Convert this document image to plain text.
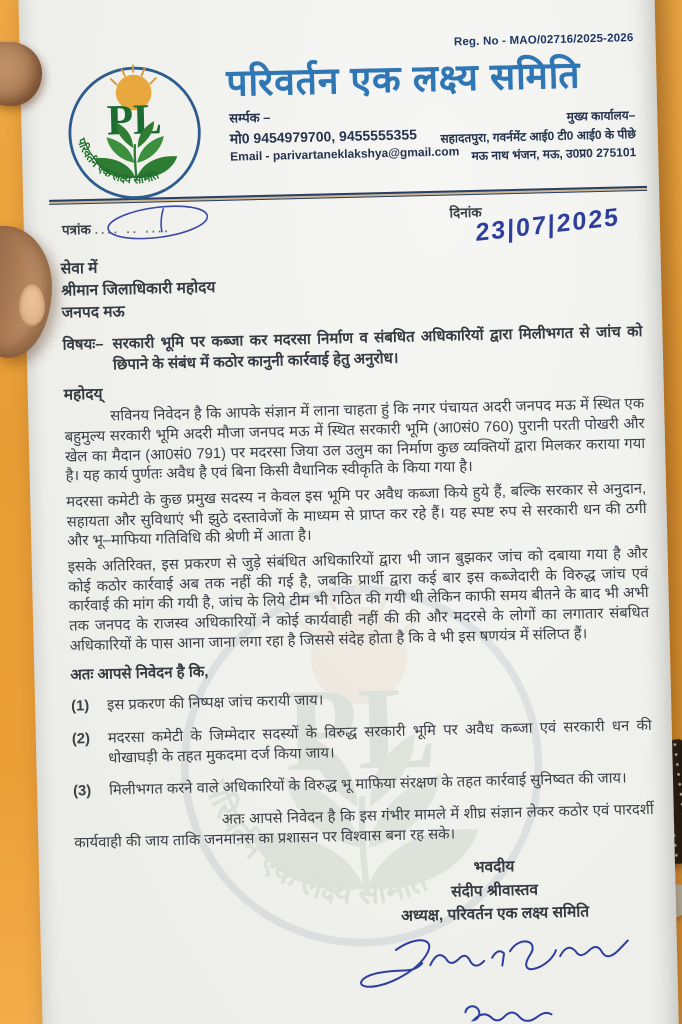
Reg. No - MAO/02716/2025-2026
परिवर्तन एक लक्ष्य समिति
सर्म्पक –
मो0 9454979700, 9455555355
Email - parivartaneklakshya@gmail.com
मुख्य कार्यालय–
सहादतपुरा, गवर्नमेंट आई0 टी0 आई0 के पीछे
मऊ नाथ भंजन, मऊ, उ0प्र0 275101
पत्रांक .... .. ....
दिनांक
23|07|2025
सेवा में
श्रीमान जिलाधिकारी महोदय
जनपद मऊ
विषयः– सरकारी भूमि पर कब्जा कर मदरसा निर्माण व संबधित अधिकारियों द्वारा मिलीभगत से जांच को छिपाने के संबंध में कठोर कानुनी कार्रवाई हेतु अनुरोध।
महोदय्

सविनय निवेदन है कि आपके संज्ञान में लाना चाहता हुं कि नगर पंचायत अदरी जनपद मऊ में स्थित एक बहुमुल्य सरकारी भूमि अदरी मौजा जनपद मऊ में स्थित सरकारी भूमि (आ0सं0 760) पुरानी परती पोखरी और खेल का मैदान (आ0सं0 791) पर मदरसा जिया उल उलुम का निर्माण कुछ व्यक्तियों द्वारा मिलकर कराया गया है। यह कार्य पुर्णतः अवैध है एवं बिना किसी वैधानिक स्वीकृति के किया गया है।

मदरसा कमेटी के कुछ प्रमुख सदस्य न केवल इस भूमि पर अवैध कब्जा किये हुये हैं, बल्कि सरकार से अनुदान, सहायता और सुविधाएं भी झुठे दस्तावेजों के माध्यम से प्राप्त कर रहे हैं। यह स्पष्ट रुप से सरकारी धन की ठगी और भू–माफिया गतिविधि की श्रेणी में आता है।

इसके अतिरिक्त, इस प्रकरण से जुड़े संबंधित अधिकारियों द्वारा भी जान बुझकर जांच को दबाया गया है और कोई कठोर कार्रवाई अब तक नहीं की गई है, जबकि प्रार्थी द्वारा कई बार इस कब्जेदारी के विरुद्ध जांच एवं कार्रवाई की मांग की गयी है, जांच के लिये टीम भी गठित की गयी थी लेकिन काफी समय बीतने के बाद भी अभी तक जनपद के राजस्व अधिकारियों ने कोई कार्यवाही नहीं की की और मदरसे के लोगों का लगातार संबधित अधिकारियों के पास आना जाना लगा रहा है जिससे संदेह होता है कि वे भी इस षणयंत्र में संलिप्त हैं।

अतः आपसे निवेदन है कि,
(1)	इस प्रकरण की निष्पक्ष जांच करायी जाय।
(2)	मदरसा कमेटी के जिम्मेदार सदस्यों के विरुद्ध सरकारी भूमि पर अवैध कब्जा एवं सरकारी धन की धोखाघड़ी के तहत मुकदमा दर्ज किया जाय।
(3)	मिलीभगत करने वाले अधिकारियों के विरुद्ध भू माफिया संरक्षण के तहत कार्रवाई सुनिष्वत की जाय।

अतः आपसे निवेदन है कि इस गंभीर मामले में शीघ्र संज्ञान लेकर कठोर एवं पारदर्शी कार्यवाही की जाय ताकि जनमानस का प्रशासन पर विश्वास बना रह सके।

भवदीय
संदीप श्रीवास्तव
अध्यक्ष, परिवर्तन एक लक्ष्य समिति
